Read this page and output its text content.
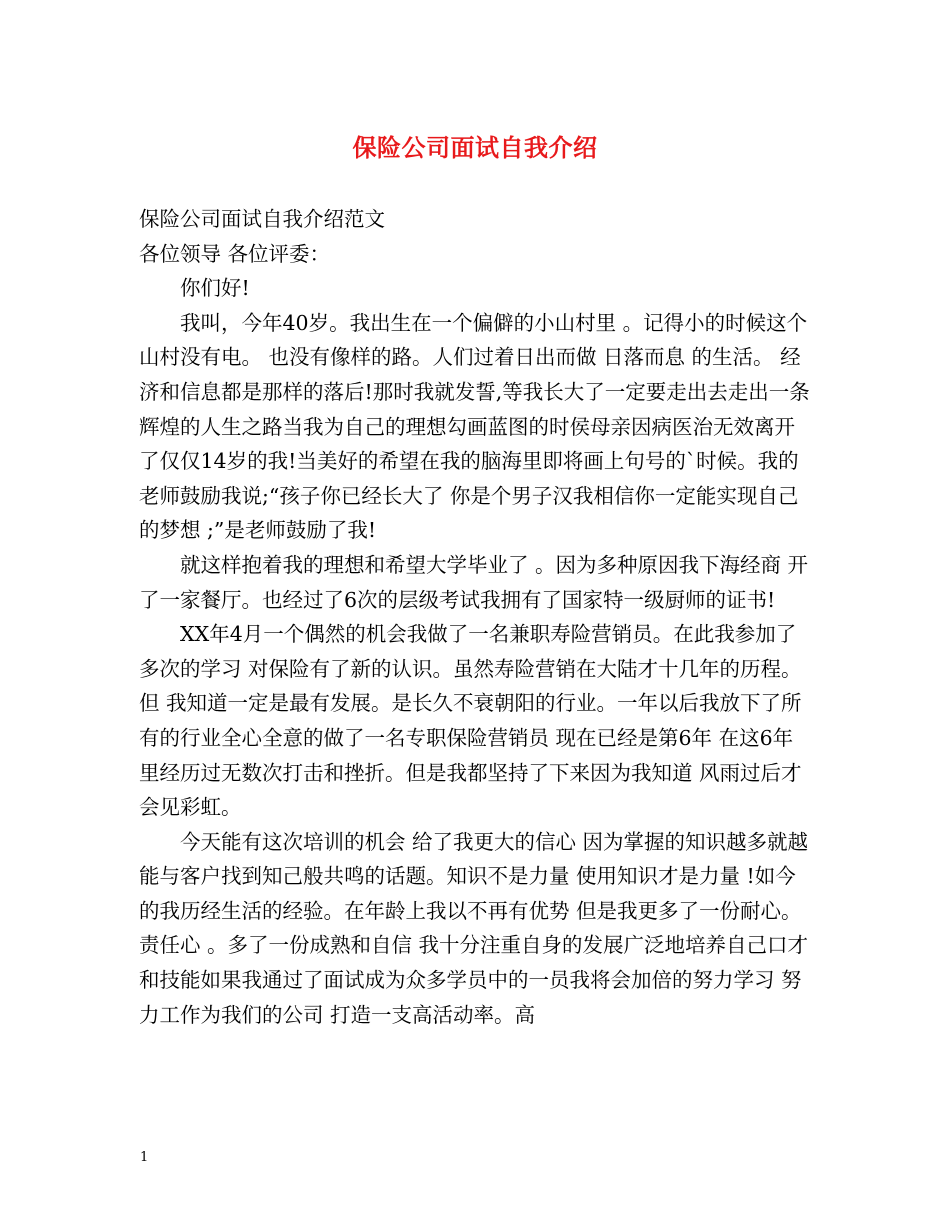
保险公司面试自我介绍

保险公司面试自我介绍范文

各位领导 各位评委：

你们好!

我叫，今年40岁。我出生在一个偏僻的小山村里 。记得小的时候这个山村没有电。 也没有像样的路。人们过着日出而做 日落而息 的生活。 经济和信息都是那样的落后!那时我就发誓,等我长大了一定要走出去走出一条辉煌的人生之路当我为自己的理想勾画蓝图的时侯母亲因病医治无效离开了仅仅14岁的我!当美好的希望在我的脑海里即将画上句号的`时候。我的老师鼓励我说;“孩子你已经长大了 你是个男子汉我相信你一定能实现自己的梦想 ;”是老师鼓励了我!

就这样抱着我的理想和希望大学毕业了 。因为多种原因我下海经商 开了一家餐厅。也经过了6次的层级考试我拥有了国家特一级厨师的证书!

XX年4月一个偶然的机会我做了一名兼职寿险营销员。在此我参加了多次的学习 对保险有了新的认识。虽然寿险营销在大陆才十几年的历程。但 我知道一定是最有发展。是长久不衰朝阳的行业。一年以后我放下了所有的行业全心全意的做了一名专职保险营销员 现在已经是第6年 在这6年里经历过无数次打击和挫折。但是我都坚持了下来因为我知道 风雨过后才会见彩虹。

今天能有这次培训的机会 给了我更大的信心 因为掌握的知识越多就越能与客户找到知己般共鸣的话题。知识不是力量 使用知识才是力量 !如今的我历经生活的经验。在年龄上我以不再有优势 但是我更多了一份耐心。责任心 。多了一份成熟和自信 我十分注重自身的发展广泛地培养自己口才和技能如果我通过了面试成为众多学员中的一员我将会加倍的努力学习 努力工作为我们的公司 打造一支高活动率。高

1
